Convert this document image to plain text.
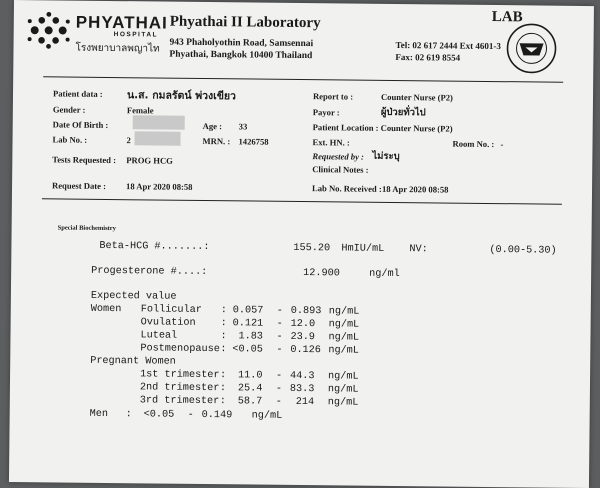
PHYATHAI
HOSPITAL
โรงพยาบาลพญาไท
Phyathai II Laboratory
943 Phaholyothin Road, Samsennai
Phyathai, Bangkok 10400 Thailand
Tel: 02 617 2444 Ext 4601-3
Fax: 02 619 8554
LAB
Patient data : น.ส. กมลรัตน์ พ่วงเขียว
Gender :	Female
Date Of Birth :	Age : 33
Lab No. :	2	MRN. : 1426758
Tests Requested : PROG HCG
Request Date : 18 Apr 2020 08:58
Report to :	Counter Nurse (P2)
Payor :	ผู้ป่วยทั่วไป
Patient Location : Counter Nurse (P2)
Ext. HN. :	Room No. : -
Requested by : ไม่ระบุ
Clinical Notes :
Lab No. Received : 18 Apr 2020 08:58
Special Biochemistry
Beta-HCG #.......:	155.20 HmIU/mL NV:	(0.00-5.30)
Progesterone #....:	12.900	ng/ml
Expected value
Women Follicular : 0.057 - 0.893 ng/mL
Ovulation : 0.121 - 12.0 ng/mL
Luteal	: 1.83 - 23.9 ng/mL
Postmenopause : <0.05 - 0.126 ng/mL
Pregnant Women
1st trimester : 11.0 - 44.3 ng/mL
2nd trimester : 25.4 - 83.3 ng/mL
3rd trimester : 58.7 - 214 ng/mL
Men : <0.05 - 0.149 ng/mL
